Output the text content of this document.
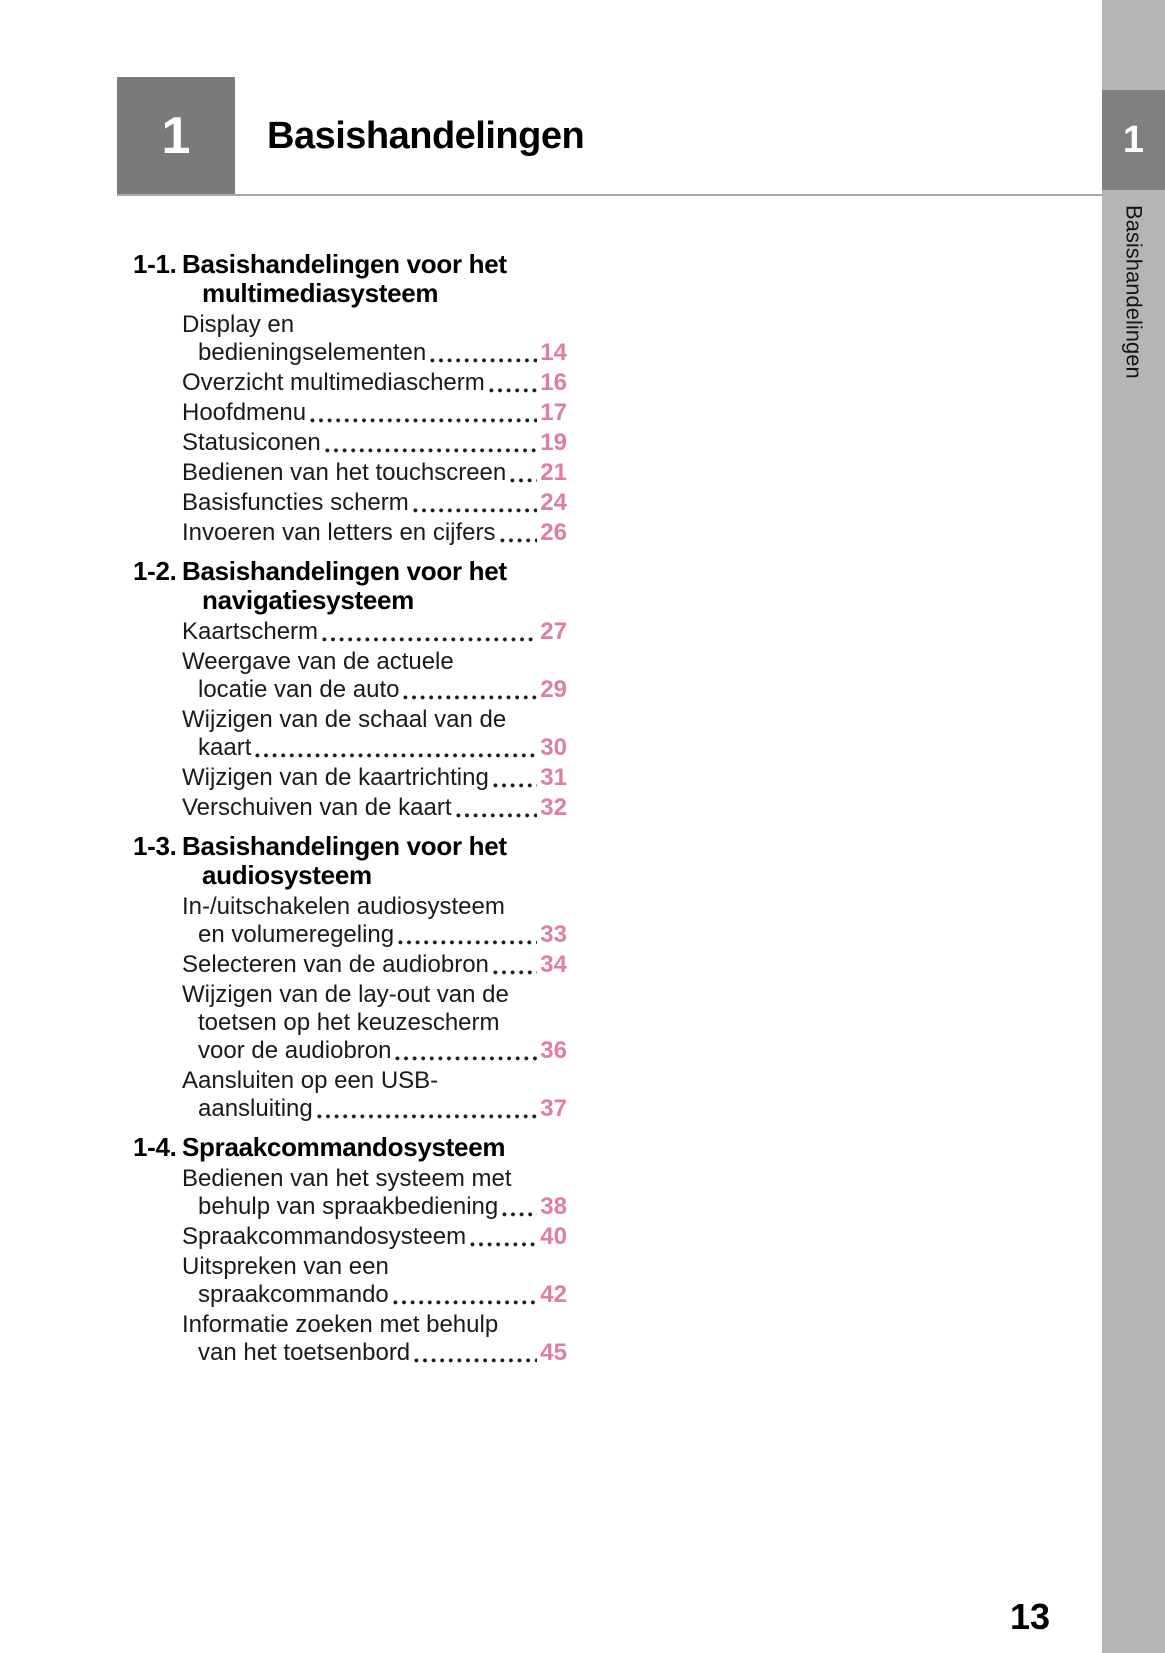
1 Basishandelingen	1
Basishandelingen
1-1. Basishandelingen voor het
multimediasysteem
Display en
bedieningselementen	14
Overzicht multimediascherm 16
Hoofdmenu	17
Statusiconen	19
Bedienen van het touchscreen 21
Basisfuncties scherm	24
Invoeren van letters en cijfers 26
1-2. Basishandelingen voor het
navigatiesysteem
Kaartscherm	27
Weergave van de actuele
locatie van de auto	29
Wijzigen van de schaal van de
kaart	30
Wijzigen van de kaartrichting 31
Verschuiven van de kaart	32
1-3. Basishandelingen voor het
audiosysteem
In-/uitschakelen audiosysteem
en volumeregeling	33
Selecteren van de audiobron 34
Wijzigen van de lay-out van de
toetsen op het keuzescherm
voor de audiobron	36
Aansluiten op een USB-
aansluiting	37
1-4. Spraakcommandosysteem
Bedienen van het systeem met
behulp van spraakbediening 38
Spraakcommandosysteem	40
Uitspreken van een
spraakcommando	42
Informatie zoeken met behulp
van het toetsenbord	45
13
